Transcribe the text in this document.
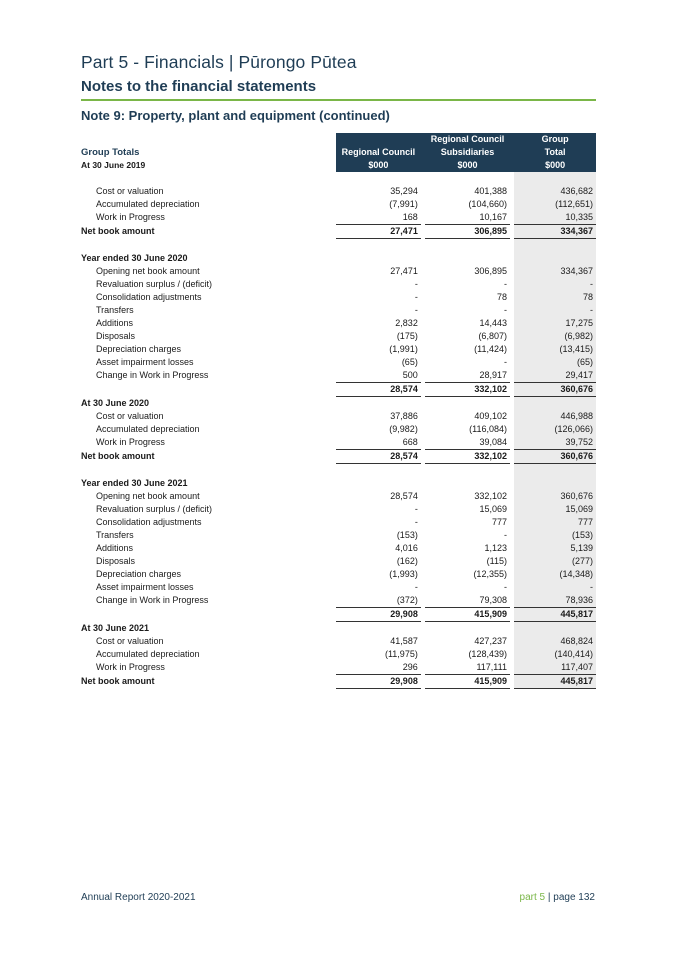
Part 5 - Financials | Pūrongo Pūtea
Notes to the financial statements
Note 9: Property, plant and equipment (continued)
			Regional Council		Group
Group Totals	Regional Council		Subsidiaries		Total
At 30 June 2019	$000		$000		$000

Cost or valuation	35,294		401,388		436,682
Accumulated depreciation	(7,991)		(104,660)		(112,651)
Work in Progress	168		10,167		10,335
Net book amount	27,471		306,895		334,367

Year ended 30 June 2020					
Opening net book amount	27,471		306,895		334,367
Revaluation surplus / (deficit)	-		-		-
Consolidation adjustments	-		78		78
Transfers	-		-		-
Additions	2,832		14,443		17,275
Disposals	(175)		(6,807)		(6,982)
Depreciation charges	(1,991)		(11,424)		(13,415)
Asset impairment losses	(65)		-		(65)
Change in Work in Progress	500		28,917		29,417
	28,574		332,102		360,676
At 30 June 2020					
Cost or valuation	37,886		409,102		446,988
Accumulated depreciation	(9,982)		(116,084)		(126,066)
Work in Progress	668		39,084		39,752
Net book amount	28,574		332,102		360,676

Year ended 30 June 2021					
Opening net book amount	28,574		332,102		360,676
Revaluation surplus / (deficit)	-		15,069		15,069
Consolidation adjustments	-		777		777
Transfers	(153)		-		(153)
Additions	4,016		1,123		5,139
Disposals	(162)		(115)		(277)
Depreciation charges	(1,993)		(12,355)		(14,348)
Asset impairment losses	-		-		-
Change in Work in Progress	(372)		79,308		78,936
	29,908		415,909		445,817
At 30 June 2021					
Cost or valuation	41,587		427,237		468,824
Accumulated depreciation	(11,975)		(128,439)		(140,414)
Work in Progress	296		117,111		117,407
Net book amount	29,908		415,909		445,817
Annual Report 2020-2021	part 5 | page 132
